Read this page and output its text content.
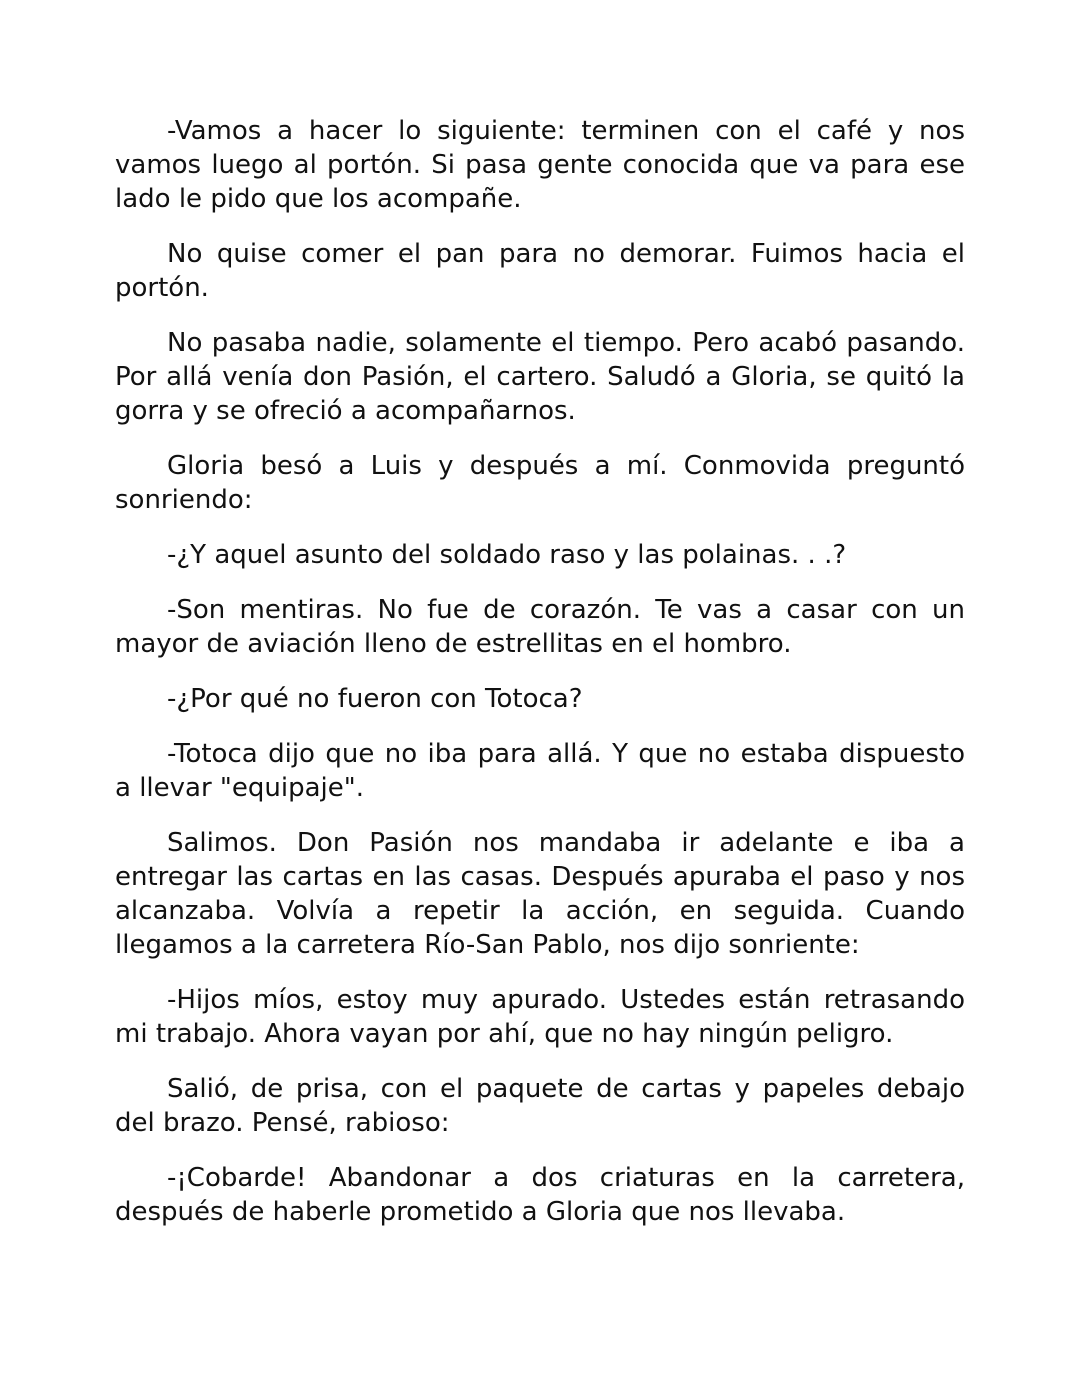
-Vamos a hacer lo siguiente: terminen con el café y nos vamos luego al portón. Si pasa gente conocida que va para ese lado le pido que los acompañe.

No quise comer el pan para no demorar. Fuimos hacia el portón.

No pasaba nadie, solamente el tiempo. Pero acabó pasando. Por allá venía don Pasión, el cartero. Saludó a Gloria, se quitó la gorra y se ofreció a acompañarnos.

Gloria besó a Luis y después a mí. Conmovida preguntó sonriendo:

-¿Y aquel asunto del soldado raso y las polainas. . .?

-Son mentiras. No fue de corazón. Te vas a casar con un mayor de aviación lleno de estrellitas en el hombro.

-¿Por qué no fueron con Totoca?

-Totoca dijo que no iba para allá. Y que no estaba dispuesto a llevar "equipaje".

Salimos. Don Pasión nos mandaba ir adelante e iba a entregar las cartas en las casas. Después apuraba el paso y nos alcanzaba. Volvía a repetir la acción, en seguida. Cuando llegamos a la carretera Río-San Pablo, nos dijo sonriente:

-Hijos míos, estoy muy apurado. Ustedes están retrasando mi trabajo. Ahora vayan por ahí, que no hay ningún peligro.

Salió, de prisa, con el paquete de cartas y papeles debajo del brazo. Pensé, rabioso:

-¡Cobarde! Abandonar a dos criaturas en la carretera, después de haberle prometido a Gloria que nos llevaba.
